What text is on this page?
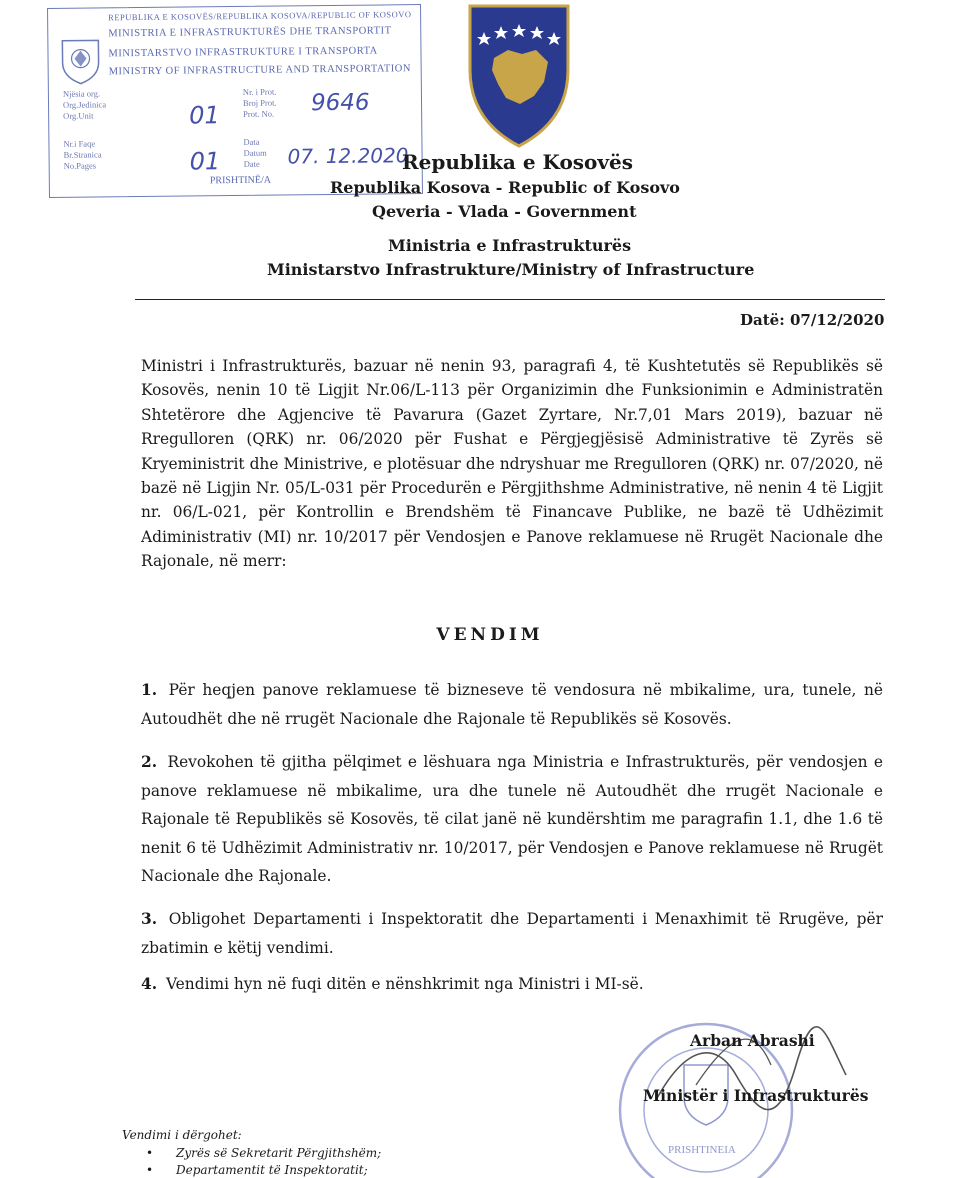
REPUBLIKA E KOSOVËS/REPUBLIKA KOSOVA/REPUBLIC OF KOSOVO
MINISTRIA E INFRASTRUKTURËS DHE TRANSPORTIT
MINISTARSTVO INFRASTRUKTURE I TRANSPORTA
MINISTRY OF INFRASTRUCTURE AND TRANSPORTATION
Njësia org.
Org.Jedinica
Org.Unit
Nr.i Faqe
Br.Stranica
No.Pages
Nr. i Prot.
Broj Prot.
Prot. No.
Data
Datum
Date
01
01
9646
07. 12.2020
PRISHTINË/A
Republika e Kosovës
Republika Kosova - Republic of Kosovo
Qeveria - Vlada - Government
Ministria e Infrastrukturës
Ministarstvo Infrastrukture/Ministry of Infrastructure
Datë: 07/12/2020

Ministri i Infrastrukturës, bazuar në nenin 93, paragrafi 4, të Kushtetutës së Republikës së Kosovës, nenin 10 të Ligjit Nr.06/L-113 për Organizimin dhe Funksionimin e Administratën Shtetërore dhe Agjencive të Pavarura (Gazet Zyrtare, Nr.7,01 Mars 2019), bazuar në Rregulloren (QRK) nr. 06/2020 për Fushat e Përgjegjësisë Administrative të Zyrës së Kryeministrit dhe Ministrive, e plotësuar dhe ndryshuar me Rregulloren (QRK) nr. 07/2020, në bazë në Ligjin Nr. 05/L-031 për Procedurën e Përgjithshme Administrative, në nenin 4 të Ligjit nr. 06/L-021, për Kontrollin e Brendshëm të Financave Publike, ne bazë të Udhëzimit Adiministrativ (MI) nr. 10/2017 për Vendosjen e Panove reklamuese në Rrugët Nacionale dhe Rajonale, në merr:

VENDIM

1. Për heqjen panove reklamuese të bizneseve të vendosura në mbikalime, ura, tunele, në Autoudhët dhe në rrugët Nacionale dhe Rajonale të Republikës së Kosovës.

2. Revokohen të gjitha pëlqimet e lëshuara nga Ministria e Infrastrukturës, për vendosjen e panove reklamuese në mbikalime, ura dhe tunele në Autoudhët dhe rrugët Nacionale e Rajonale të Republikës së Kosovës, të cilat janë në kundërshtim me paragrafin 1.1, dhe 1.6 të nenit 6 të Udhëzimit Administrativ nr. 10/2017, për Vendosjen e Panove reklamuese në Rrugët Nacionale dhe Rajonale.

3. Obligohet Departamenti i Inspektoratit dhe Departamenti i Menaxhimit të Rrugëve, për zbatimin e këtij vendimi.

4. Vendimi hyn në fuqi ditën e nënshkrimit nga Ministri i MI-së.

PRISHTINEIA
Arban Abrashi
Ministër i Infrastrukturës
Vendimi i dërgohet:
• Zyrës së Sekretarit Përgjithshëm;
• Departamentit të Inspektoratit;
